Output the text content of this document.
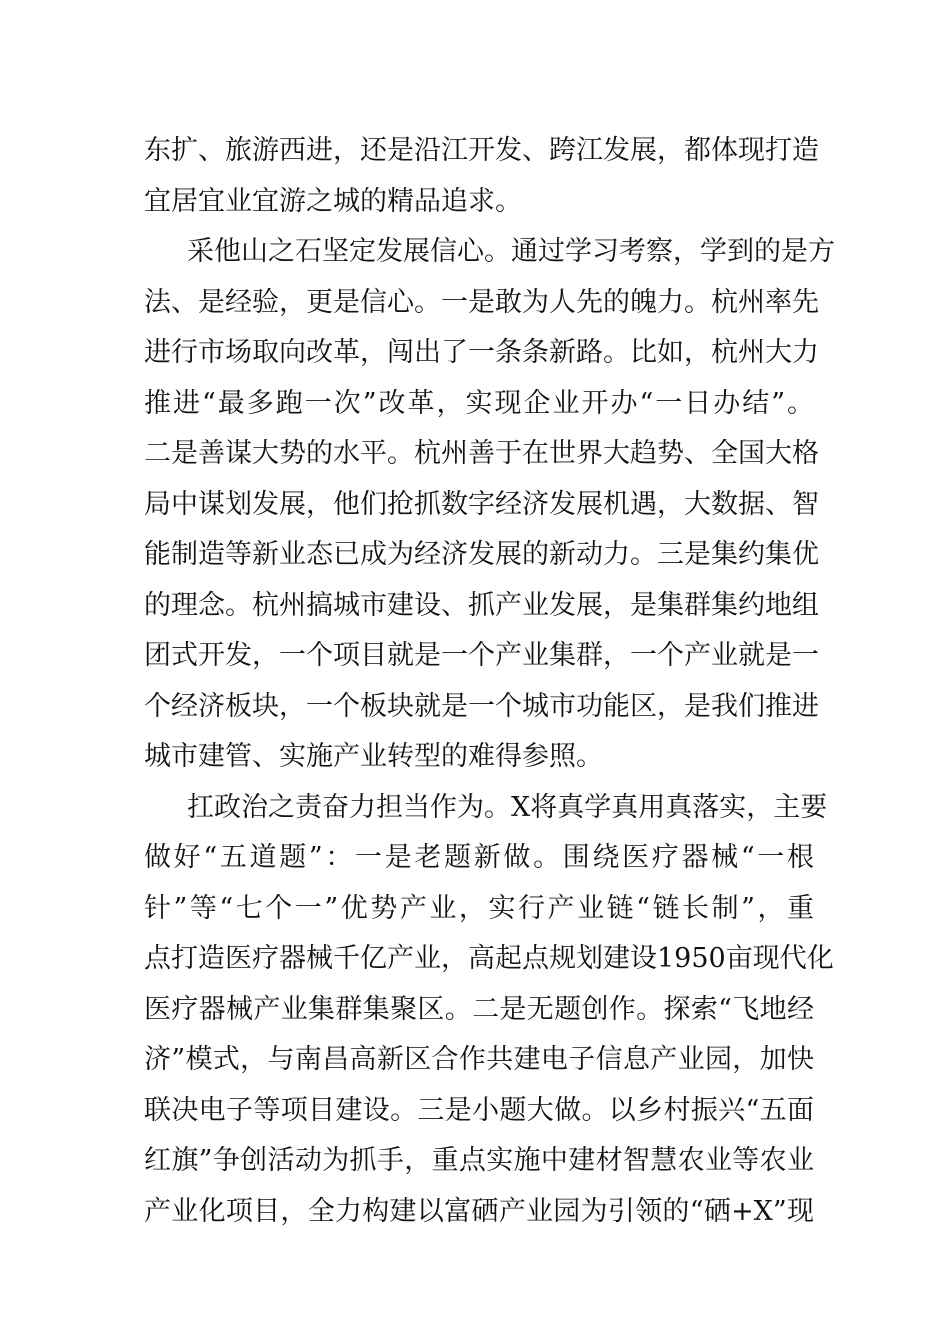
东扩、旅游西进，还是沿江开发、跨江发展，都体现打造
宜居宜业宜游之城的精品追求。
采他山之石坚定发展信心。通过学习考察，学到的是方
法、是经验，更是信心。一是敢为人先的魄力。杭州率先
进行市场取向改革，闯出了一条条新路。比如，杭州大力
推进“最多跑一次”改革，实现企业开办“一日办结”。
二是善谋大势的水平。杭州善于在世界大趋势、全国大格
局中谋划发展，他们抢抓数字经济发展机遇，大数据、智
能制造等新业态已成为经济发展的新动力。三是集约集优
的理念。杭州搞城市建设、抓产业发展，是集群集约地组
团式开发，一个项目就是一个产业集群，一个产业就是一
个经济板块，一个板块就是一个城市功能区，是我们推进
城市建管、实施产业转型的难得参照。
扛政治之责奋力担当作为。X将真学真用真落实，主要
做好“五道题”：一是老题新做。围绕医疗器械“一根
针”等“七个一”优势产业，实行产业链“链长制”，重
点打造医疗器械千亿产业，高起点规划建设1950亩现代化
医疗器械产业集群集聚区。二是无题创作。探索“飞地经
济”模式，与南昌高新区合作共建电子信息产业园，加快
联决电子等项目建设。三是小题大做。以乡村振兴“五面
红旗”争创活动为抓手，重点实施中建材智慧农业等农业
产业化项目，全力构建以富硒产业园为引领的“硒+X”现
